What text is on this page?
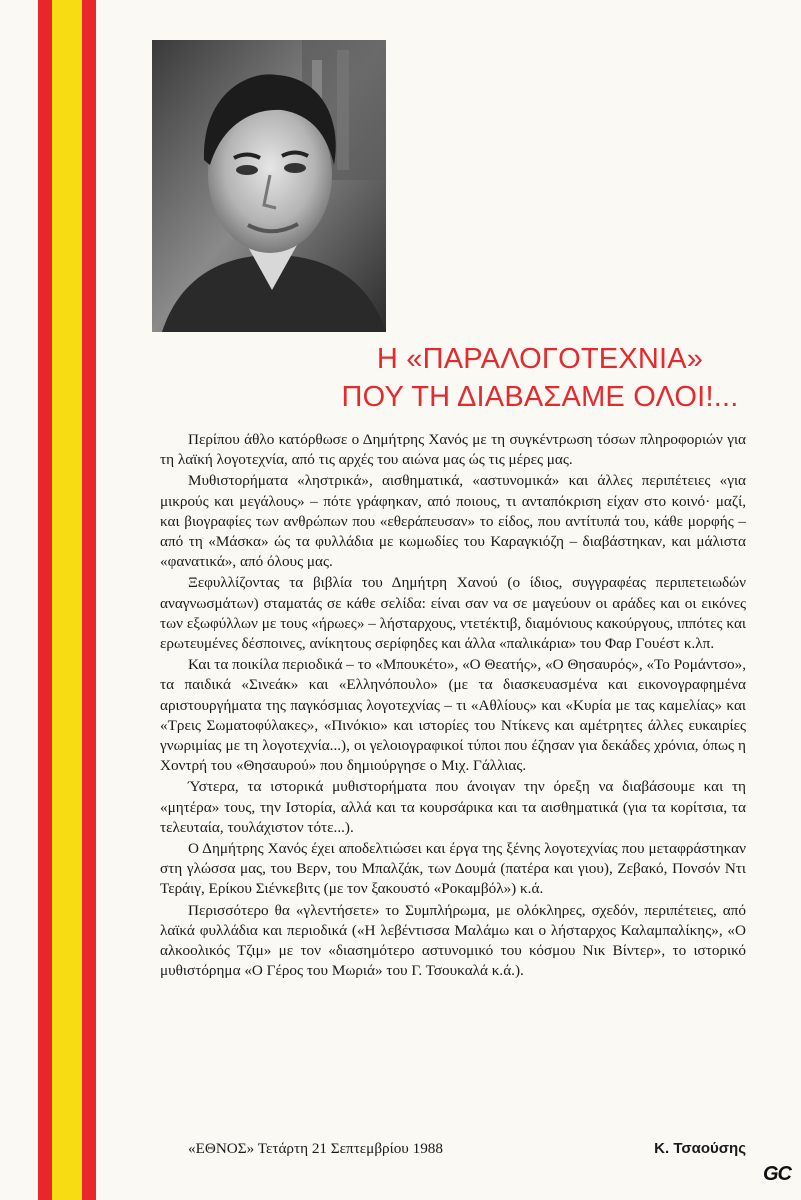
Η «ΠΑΡΑΛΟΓΟΤΕΧΝΙΑ»
ΠΟΥ ΤΗ ΔΙΑΒΑΣΑΜΕ ΟΛΟΙ!...

Περίπου άθλο κατόρθωσε ο Δημήτρης Χανός με τη συγκέντρωση τόσων πληροφοριών για τη λαϊκή λογοτεχνία, από τις αρχές του αιώνα μας ώς τις μέρες μας.

Μυθιστορήματα «ληστρικά», αισθηματικά, «αστυνομικά» και άλλες περιπέτειες «για μικρούς και μεγάλους» – πότε γράφηκαν, από ποιους, τι ανταπόκριση είχαν στο κοινό· μαζί, και βιογραφίες των ανθρώπων που «εθεράπευσαν» το είδος, που αντίτυπά του, κάθε μορφής – από τη «Μάσκα» ώς τα φυλλάδια με κωμωδίες του Καραγκιόζη – διαβάστηκαν, και μάλιστα «φανατικά», από όλους μας.

Ξεφυλλίζοντας τα βιβλία του Δημήτρη Χανού (ο ίδιος, συγγραφέας περιπετειωδών αναγνωσμάτων) σταματάς σε κάθε σελίδα: είναι σαν να σε μαγεύουν οι αράδες και οι εικόνες των εξωφύλλων με τους «ήρωες» – λήσταρχους, ντετέκτιβ, διαμόνιους κακούργους, ιππότες και ερωτευμένες δέσποινες, ανίκητους σερίφηδες και άλλα «παλικάρια» του Φαρ Γουέστ κ.λπ.

Και τα ποικίλα περιοδικά – το «Μπουκέτο», «Ο Θεατής», «Ο Θησαυρός», «Το Ρομάντσο», τα παιδικά «Σινεάκ» και «Ελληνόπουλο» (με τα διασκευασμένα και εικονογραφημένα αριστουργήματα της παγκόσμιας λογοτεχνίας – τι «Αθλίους» και «Κυρία με τας καμελίας» και «Τρεις Σωματοφύλακες», «Πινόκιο» και ιστορίες του Ντίκενς και αμέτρητες άλλες ευκαιρίες γνωριμίας με τη λογοτεχνία...), οι γελοιογραφικοί τύποι που έζησαν για δεκάδες χρόνια, όπως η Χοντρή του «Θησαυρού» που δημιούργησε ο Μιχ. Γάλλιας.

Ύστερα, τα ιστορικά μυθιστορήματα που άνοιγαν την όρεξη να διαβάσουμε και τη «μητέρα» τους, την Ιστορία, αλλά και τα κουρσάρικα και τα αισθηματικά (για τα κορίτσια, τα τελευταία, τουλάχιστον τότε...).

Ο Δημήτρης Χανός έχει αποδελτιώσει και έργα της ξένης λογοτεχνίας που μεταφράστηκαν στη γλώσσα μας, του Βερν, του Μπαλζάκ, των Δουμά (πατέρα και γιου), Ζεβακό, Πονσόν Ντι Τεράιγ, Ερίκου Σιένκεβιτς (με τον ξακουστό «Ροκαμβόλ») κ.ά.

Περισσότερο θα «γλεντήσετε» το Συμπλήρωμα, με ολόκληρες, σχεδόν, περιπέτειες, από λαϊκά φυλλάδια και περιοδικά («Η λεβέντισσα Μαλάμω και ο λήσταρχος Καλαμπαλίκης», «Ο αλκοολικός Τζιμ» με τον «διασημότερο αστυνομικό του κόσμου Νικ Βίντερ», το ιστορικό μυθιστόρημα «Ο Γέρος του Μωριά» του Γ. Τσουκαλά κ.ά.).

«ΕΘΝΟΣ» Τετάρτη 21 Σεπτεμβρίου 1988	Κ. Τσαούσης
GC
